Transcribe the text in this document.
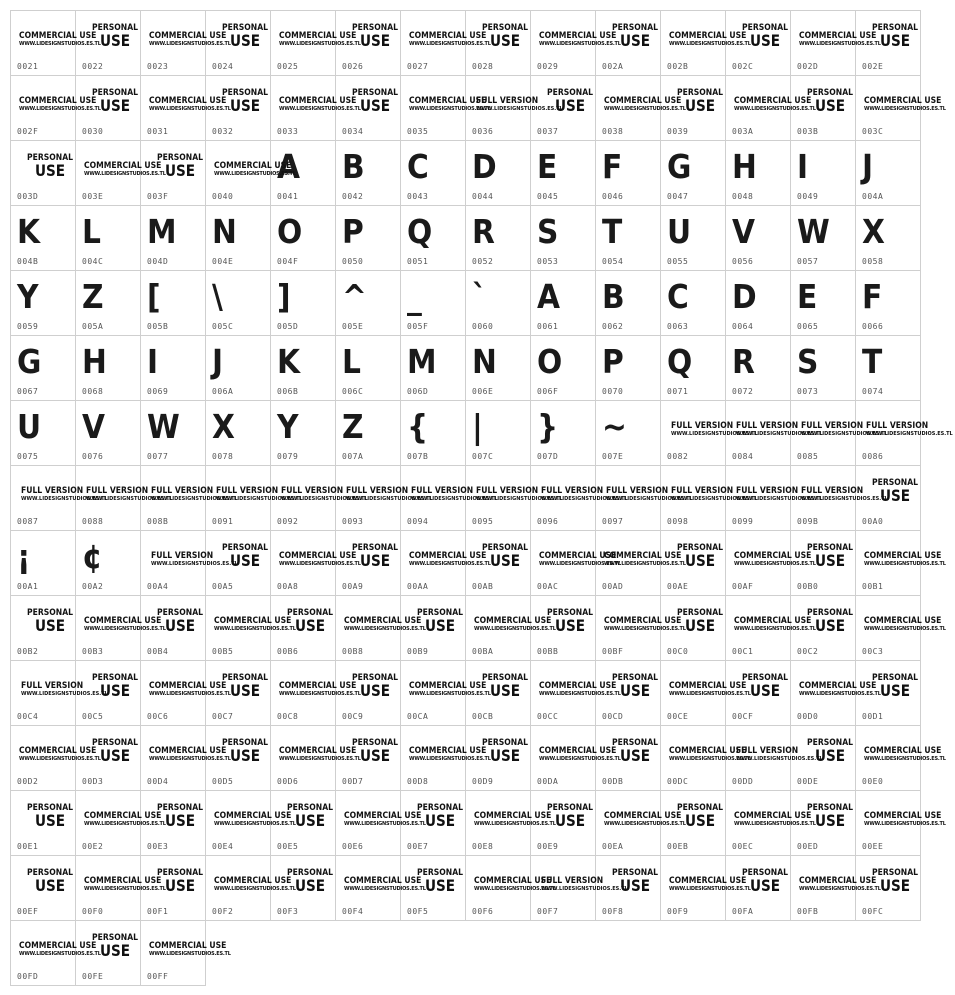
COMMERCIAL USE
WWW.LIDESIGNSTUDIOS.ES.TL
0021
PERSONAL
USE
0022
COMMERCIAL USE
WWW.LIDESIGNSTUDIOS.ES.TL
0023
PERSONAL
USE
0024
COMMERCIAL USE
WWW.LIDESIGNSTUDIOS.ES.TL
0025
PERSONAL
USE
0026
COMMERCIAL USE
WWW.LIDESIGNSTUDIOS.ES.TL
0027
PERSONAL
USE
0028
COMMERCIAL USE
WWW.LIDESIGNSTUDIOS.ES.TL
0029
PERSONAL
USE
002A
COMMERCIAL USE
WWW.LIDESIGNSTUDIOS.ES.TL
002B
PERSONAL
USE
002C
COMMERCIAL USE
WWW.LIDESIGNSTUDIOS.ES.TL
002D
PERSONAL
USE
002E
COMMERCIAL USE
WWW.LIDESIGNSTUDIOS.ES.TL
002F
PERSONAL
USE
0030
COMMERCIAL USE
WWW.LIDESIGNSTUDIOS.ES.TL
0031
PERSONAL
USE
0032
COMMERCIAL USE
WWW.LIDESIGNSTUDIOS.ES.TL
0033
PERSONAL
USE
0034
COMMERCIAL USE
WWW.LIDESIGNSTUDIOS.ES.TL
0035
FULL VERSION
WWW.LIDESIGNSTUDIOS.ES.TL
0036
PERSONAL
USE
0037
COMMERCIAL USE
WWW.LIDESIGNSTUDIOS.ES.TL
0038
PERSONAL
USE
0039
COMMERCIAL USE
WWW.LIDESIGNSTUDIOS.ES.TL
003A
PERSONAL
USE
003B
COMMERCIAL USE
WWW.LIDESIGNSTUDIOS.ES.TL
003C
PERSONAL
USE
003D
COMMERCIAL USE
WWW.LIDESIGNSTUDIOS.ES.TL
003E
PERSONAL
USE
003F
COMMERCIAL USE
WWW.LIDESIGNSTUDIOS.ES.TL
0040
A
0041
B
0042
C
0043
D
0044
E
0045
F
0046
G
0047
H
0048
I
0049
J
004A
K
004B
L
004C
M
004D
N
004E
O
004F
P
0050
Q
0051
R
0052
S
0053
T
0054
U
0055
V
0056
W
0057
X
0058
Y
0059
Z
005A
[
005B
\
005C
]
005D
^
005E
_
005F
`
0060
A
0061
B
0062
C
0063
D
0064
E
0065
F
0066
G
0067
H
0068
I
0069
J
006A
K
006B
L
006C
M
006D
N
006E
O
006F
P
0070
Q
0071
R
0072
S
0073
T
0074
U
0075
V
0076
W
0077
X
0078
Y
0079
Z
007A
{
007B
|
007C
}
007D
~
007E
FULL VERSION
WWW.LIDESIGNSTUDIOS.ES.TL
0082
FULL VERSION
WWW.LIDESIGNSTUDIOS.ES.TL
0084
FULL VERSION
WWW.LIDESIGNSTUDIOS.ES.TL
0085
FULL VERSION
WWW.LIDESIGNSTUDIOS.ES.TL
0086
FULL VERSION
WWW.LIDESIGNSTUDIOS.ES.TL
0087
FULL VERSION
WWW.LIDESIGNSTUDIOS.ES.TL
0088
FULL VERSION
WWW.LIDESIGNSTUDIOS.ES.TL
008B
FULL VERSION
WWW.LIDESIGNSTUDIOS.ES.TL
0091
FULL VERSION
WWW.LIDESIGNSTUDIOS.ES.TL
0092
FULL VERSION
WWW.LIDESIGNSTUDIOS.ES.TL
0093
FULL VERSION
WWW.LIDESIGNSTUDIOS.ES.TL
0094
FULL VERSION
WWW.LIDESIGNSTUDIOS.ES.TL
0095
FULL VERSION
WWW.LIDESIGNSTUDIOS.ES.TL
0096
FULL VERSION
WWW.LIDESIGNSTUDIOS.ES.TL
0097
FULL VERSION
WWW.LIDESIGNSTUDIOS.ES.TL
0098
FULL VERSION
WWW.LIDESIGNSTUDIOS.ES.TL
0099
FULL VERSION
WWW.LIDESIGNSTUDIOS.ES.TL
009B
PERSONAL
USE
00A0
¡
00A1
¢
00A2
FULL VERSION
WWW.LIDESIGNSTUDIOS.ES.TL
00A4
PERSONAL
USE
00A5
COMMERCIAL USE
WWW.LIDESIGNSTUDIOS.ES.TL
00A8
PERSONAL
USE
00A9
COMMERCIAL USE
WWW.LIDESIGNSTUDIOS.ES.TL
00AA
PERSONAL
USE
00AB
COMMERCIAL USE
WWW.LIDESIGNSTUDIOS.ES.TL
00AC
COMMERCIAL USE
WWW.LIDESIGNSTUDIOS.ES.TL
00AD
PERSONAL
USE
00AE
COMMERCIAL USE
WWW.LIDESIGNSTUDIOS.ES.TL
00AF
PERSONAL
USE
00B0
COMMERCIAL USE
WWW.LIDESIGNSTUDIOS.ES.TL
00B1
PERSONAL
USE
00B2
COMMERCIAL USE
WWW.LIDESIGNSTUDIOS.ES.TL
00B3
PERSONAL
USE
00B4
COMMERCIAL USE
WWW.LIDESIGNSTUDIOS.ES.TL
00B5
PERSONAL
USE
00B6
COMMERCIAL USE
WWW.LIDESIGNSTUDIOS.ES.TL
00B8
PERSONAL
USE
00B9
COMMERCIAL USE
WWW.LIDESIGNSTUDIOS.ES.TL
00BA
PERSONAL
USE
00BB
COMMERCIAL USE
WWW.LIDESIGNSTUDIOS.ES.TL
00BF
PERSONAL
USE
00C0
COMMERCIAL USE
WWW.LIDESIGNSTUDIOS.ES.TL
00C1
PERSONAL
USE
00C2
COMMERCIAL USE
WWW.LIDESIGNSTUDIOS.ES.TL
00C3
FULL VERSION
WWW.LIDESIGNSTUDIOS.ES.TL
00C4
PERSONAL
USE
00C5
COMMERCIAL USE
WWW.LIDESIGNSTUDIOS.ES.TL
00C6
PERSONAL
USE
00C7
COMMERCIAL USE
WWW.LIDESIGNSTUDIOS.ES.TL
00C8
PERSONAL
USE
00C9
COMMERCIAL USE
WWW.LIDESIGNSTUDIOS.ES.TL
00CA
PERSONAL
USE
00CB
COMMERCIAL USE
WWW.LIDESIGNSTUDIOS.ES.TL
00CC
PERSONAL
USE
00CD
COMMERCIAL USE
WWW.LIDESIGNSTUDIOS.ES.TL
00CE
PERSONAL
USE
00CF
COMMERCIAL USE
WWW.LIDESIGNSTUDIOS.ES.TL
00D0
PERSONAL
USE
00D1
COMMERCIAL USE
WWW.LIDESIGNSTUDIOS.ES.TL
00D2
PERSONAL
USE
00D3
COMMERCIAL USE
WWW.LIDESIGNSTUDIOS.ES.TL
00D4
PERSONAL
USE
00D5
COMMERCIAL USE
WWW.LIDESIGNSTUDIOS.ES.TL
00D6
PERSONAL
USE
00D7
COMMERCIAL USE
WWW.LIDESIGNSTUDIOS.ES.TL
00D8
PERSONAL
USE
00D9
COMMERCIAL USE
WWW.LIDESIGNSTUDIOS.ES.TL
00DA
PERSONAL
USE
00DB
COMMERCIAL USE
WWW.LIDESIGNSTUDIOS.ES.TL
00DC
FULL VERSION
WWW.LIDESIGNSTUDIOS.ES.TL
00DD
PERSONAL
USE
00DE
COMMERCIAL USE
WWW.LIDESIGNSTUDIOS.ES.TL
00E0
PERSONAL
USE
00E1
COMMERCIAL USE
WWW.LIDESIGNSTUDIOS.ES.TL
00E2
PERSONAL
USE
00E3
COMMERCIAL USE
WWW.LIDESIGNSTUDIOS.ES.TL
00E4
PERSONAL
USE
00E5
COMMERCIAL USE
WWW.LIDESIGNSTUDIOS.ES.TL
00E6
PERSONAL
USE
00E7
COMMERCIAL USE
WWW.LIDESIGNSTUDIOS.ES.TL
00E8
PERSONAL
USE
00E9
COMMERCIAL USE
WWW.LIDESIGNSTUDIOS.ES.TL
00EA
PERSONAL
USE
00EB
COMMERCIAL USE
WWW.LIDESIGNSTUDIOS.ES.TL
00EC
PERSONAL
USE
00ED
COMMERCIAL USE
WWW.LIDESIGNSTUDIOS.ES.TL
00EE
PERSONAL
USE
00EF
COMMERCIAL USE
WWW.LIDESIGNSTUDIOS.ES.TL
00F0
PERSONAL
USE
00F1
COMMERCIAL USE
WWW.LIDESIGNSTUDIOS.ES.TL
00F2
PERSONAL
USE
00F3
COMMERCIAL USE
WWW.LIDESIGNSTUDIOS.ES.TL
00F4
PERSONAL
USE
00F5
COMMERCIAL USE
WWW.LIDESIGNSTUDIOS.ES.TL
00F6
FULL VERSION
WWW.LIDESIGNSTUDIOS.ES.TL
00F7
PERSONAL
USE
00F8
COMMERCIAL USE
WWW.LIDESIGNSTUDIOS.ES.TL
00F9
PERSONAL
USE
00FA
COMMERCIAL USE
WWW.LIDESIGNSTUDIOS.ES.TL
00FB
PERSONAL
USE
00FC
COMMERCIAL USE
WWW.LIDESIGNSTUDIOS.ES.TL
00FD
PERSONAL
USE
00FE
COMMERCIAL USE
WWW.LIDESIGNSTUDIOS.ES.TL
00FF
